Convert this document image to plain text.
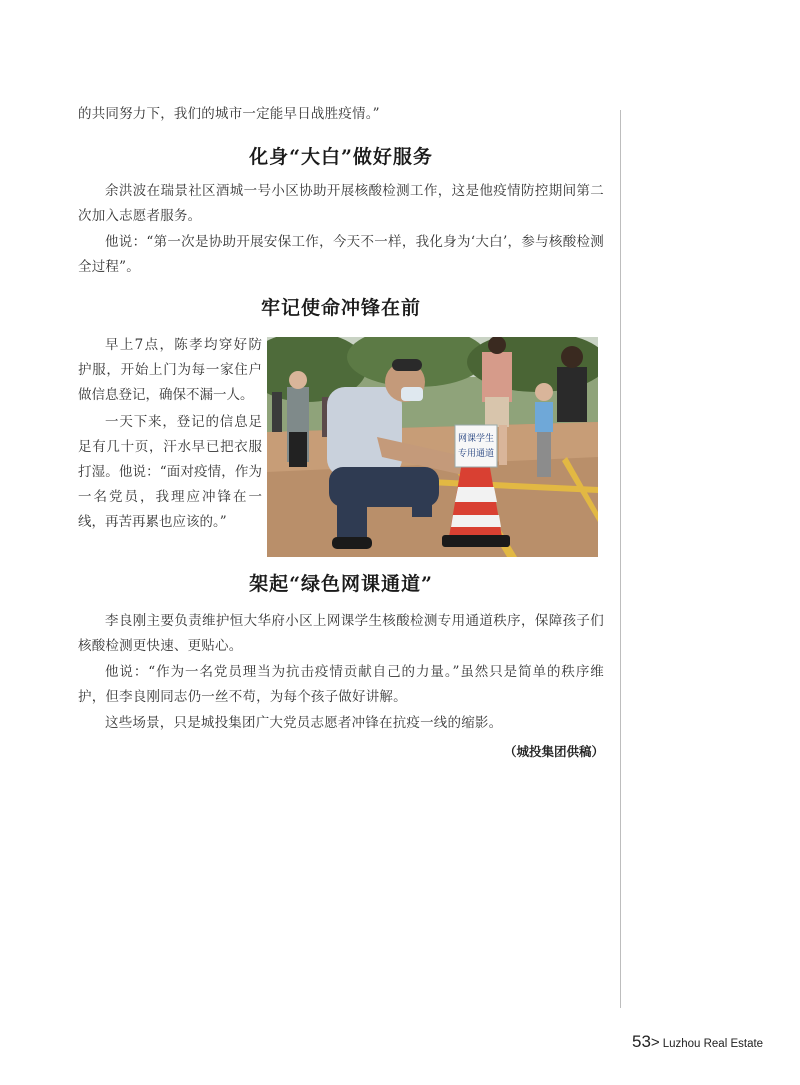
的共同努力下，我们的城市一定能早日战胜疫情。”

化身“大白”做好服务

余洪波在瑞景社区酒城一号小区协助开展核酸检测工作，这是他疫情防控期间第二次加入志愿者服务。

他说：“第一次是协助开展安保工作，今天不一样，我化身为‘大白’，参与核酸检测全过程”。

牢记使命冲锋在前

早上7点，陈孝均穿好防护服，开始上门为每一家住户做信息登记，确保不漏一人。

一天下来，登记的信息足足有几十页，汗水早已把衣服打湿。他说：“面对疫情，作为一名党员，我理应冲锋在一线，再苦再累也应该的。”

网课学生
专用通道
架起“绿色网课通道”

李良刚主要负责维护恒大华府小区上网课学生核酸检测专用通道秩序，保障孩子们核酸检测更快速、更贴心。

他说：“作为一名党员理当为抗击疫情贡献自己的力量。”虽然只是简单的秩序维护，但李良刚同志仍一丝不苟，为每个孩子做好讲解。

这些场景，只是城投集团广大党员志愿者冲锋在抗疫一线的缩影。

（城投集团供稿）

53> Luzhou Real Estate
